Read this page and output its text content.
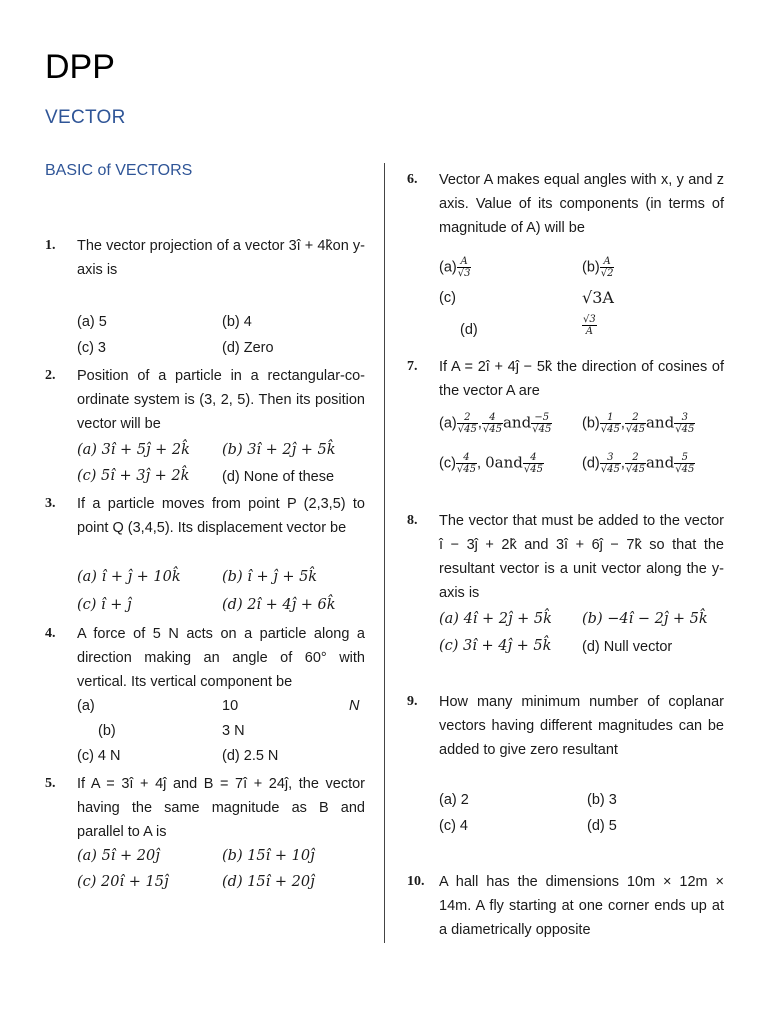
DPP
VECTOR
BASIC of VECTORS
1. The vector projection of a vector 3î + 4k̂on y-axis is
(a) 5	(b) 4
(c) 3	(d) Zero
2. Position of a particle in a rectangular-co-ordinate system is (3, 2, 5). Then its position vector will be
(a) 3î + 5ĵ + 2k̂ (b) 3î + 2ĵ + 5k̂
(c) 5î + 3ĵ + 2k̂ (d) None of these
3. If a particle moves from point P (2,3,5) to point Q (3,4,5). Its displacement vector be
(a) î + ĵ + 10k̂	(b) î + ĵ + 5k̂
(c) î + ĵ	(d) 2î + 4ĵ + 6k̂
4. A force of 5 N acts on a particle along a direction making an angle of 60° with vertical. Its vertical component be
(a)	10	N
(b)	3 N
(c) 4 N	(d) 2.5 N
5. If A = 3î + 4ĵ and B = 7î + 24ĵ, the vector having the same magnitude as B and parallel to A is
(a) 5î + 20ĵ	(b) 15î + 10ĵ
(c) 20î + 15ĵ	(d) 15î + 20ĵ
6. Vector A makes equal angles with x, y and z axis. Value of its components (in terms of magnitude of A) will be
$(a) \frac{A}{√3}$	$(b) \frac{A}{√2}$
(c)	√3A
(d)	$\frac{√3}{A}$
7. If A = 2î + 4ĵ − 5k̂ the direction of cosines of the vector A are
$(a) \frac{2}{√45}$ , $\frac{4}{√45}$ and $\frac{-5}{√45} (b) \frac{1}{√45}$ , $\frac{2}{√45}$ and $\frac{3}{√45}$
$(c) \frac{4}{√45}$ , $0and \frac{4}{√45}$	$(d) \frac{3}{√45}$ , $\frac{2}{√45}$ and $\frac{5}{√45}$
8. The vector that must be added to the vector î − 3ĵ + 2k̂ and 3î + 6ĵ − 7k̂ so that the resultant vector is a unit vector along the y-axis is
(a) 4î + 2ĵ + 5k̂ (b) −4î − 2ĵ + 5k̂
(c) 3î + 4ĵ + 5k̂ (d) Null vector
9. How many minimum number of coplanar vectors having different magnitudes can be added to give zero resultant
(a) 2	(b) 3
(c) 4	(d) 5
10. A hall has the dimensions 10m × 12m × 14m. A fly starting at one corner ends up at a diametrically opposite
